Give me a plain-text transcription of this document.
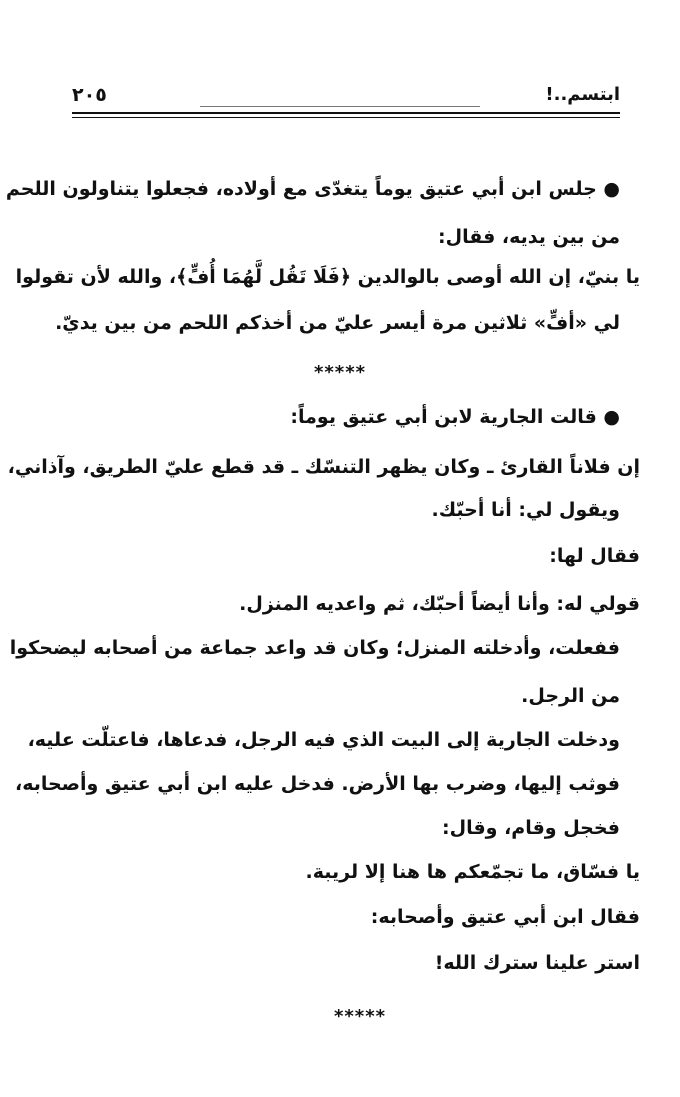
٢٠٥	ابتسم..!
● جلس ابن أبي عتيق يوماً يتغدّى مع أولاده، فجعلوا يتناولون اللحم
من بين يديه، فقال:
يا بنيّ، إن الله أوصى بالوالدين ﴿فَلَا تَقُل لَّهُمَا أُفٍّ﴾، والله لأن تقولوا
لي «أفٍّ» ثلاثين مرة أيسر عليّ من أخذكم اللحم من بين يديّ.
*****
● قالت الجارية لابن أبي عتيق يوماً:
إن فلاناً القارئ ـ وكان يظهر التنسّك ـ قد قطع عليّ الطريق، وآذاني،
ويقول لي: أنا أحبّك.
فقال لها:
قولي له: وأنا أيضاً أحبّك، ثم واعديه المنزل.
ففعلت، وأدخلته المنزل؛ وكان قد واعد جماعة من أصحابه ليضحكوا
من الرجل.
ودخلت الجارية إلى البيت الذي فيه الرجل، فدعاها، فاعتلّت عليه،
فوثب إليها، وضرب بها الأرض. فدخل عليه ابن أبي عتيق وأصحابه،
فخجل وقام، وقال:
يا فسّاق، ما تجمّعكم ها هنا إلا لريبة.
فقال ابن أبي عتيق وأصحابه:
استر علينا سترك الله!
*****
